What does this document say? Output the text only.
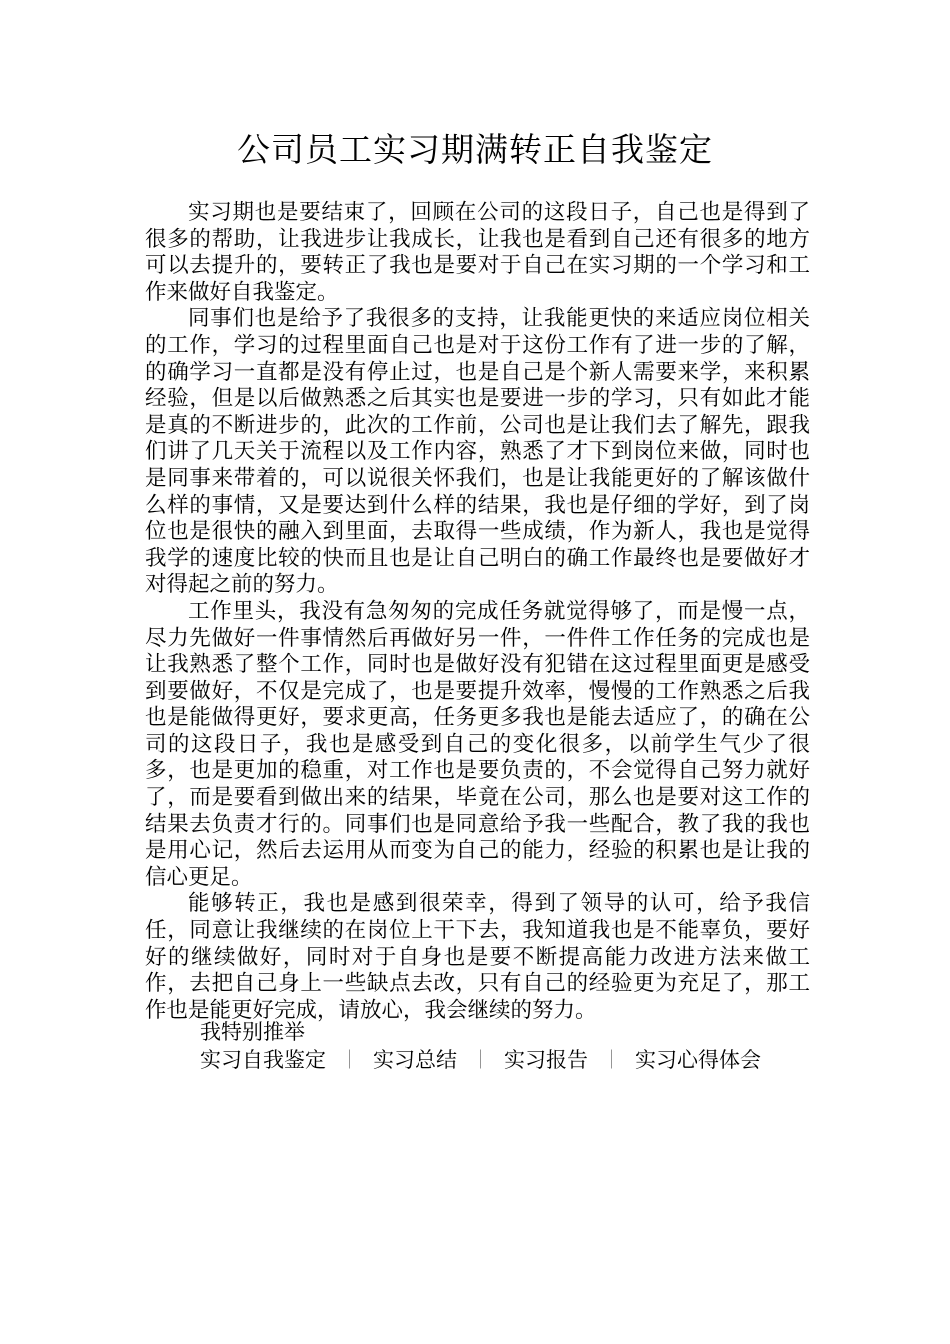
公司员工实习期满转正自我鉴定

实习期也是要结束了，回顾在公司的这段日子，自己也是得到了很多的帮助，让我进步让我成长，让我也是看到自己还有很多的地方可以去提升的，要转正了我也是要对于自己在实习期的一个学习和工作来做好自我鉴定。

同事们也是给予了我很多的支持，让我能更快的来适应岗位相关的工作，学习的过程里面自己也是对于这份工作有了进一步的了解，的确学习一直都是没有停止过，也是自己是个新人需要来学，来积累经验，但是以后做熟悉之后其实也是要进一步的学习，只有如此才能是真的不断进步的，此次的工作前，公司也是让我们去了解先，跟我们讲了几天关于流程以及工作内容，熟悉了才下到岗位来做，同时也是同事来带着的，可以说很关怀我们，也是让我能更好的了解该做什么样的事情，又是要达到什么样的结果，我也是仔细的学好，到了岗位也是很快的融入到里面，去取得一些成绩，作为新人，我也是觉得我学的速度比较的快而且也是让自己明白的确工作最终也是要做好才对得起之前的努力。

工作里头，我没有急匆匆的完成任务就觉得够了，而是慢一点，尽力先做好一件事情然后再做好另一件，一件件工作任务的完成也是让我熟悉了整个工作，同时也是做好没有犯错在这过程里面更是感受到要做好，不仅是完成了，也是要提升效率，慢慢的工作熟悉之后我也是能做得更好，要求更高，任务更多我也是能去适应了，的确在公司的这段日子，我也是感受到自己的变化很多，以前学生气少了很多，也是更加的稳重，对工作也是要负责的，不会觉得自己努力就好了，而是要看到做出来的结果，毕竟在公司，那么也是要对这工作的结果去负责才行的。同事们也是同意给予我一些配合，教了我的我也是用心记，然后去运用从而变为自己的能力，经验的积累也是让我的信心更足。

能够转正，我也是感到很荣幸，得到了领导的认可，给予我信任，同意让我继续的在岗位上干下去，我知道我也是不能辜负，要好好的继续做好，同时对于自身也是要不断提高能力改进方法来做工作，去把自己身上一些缺点去改，只有自己的经验更为充足了，那工作也是能更好完成，请放心，我会继续的努力。

我特别推举
实习自我鉴定 ｜ 实习总结 ｜ 实习报告 ｜ 实习心得体会
